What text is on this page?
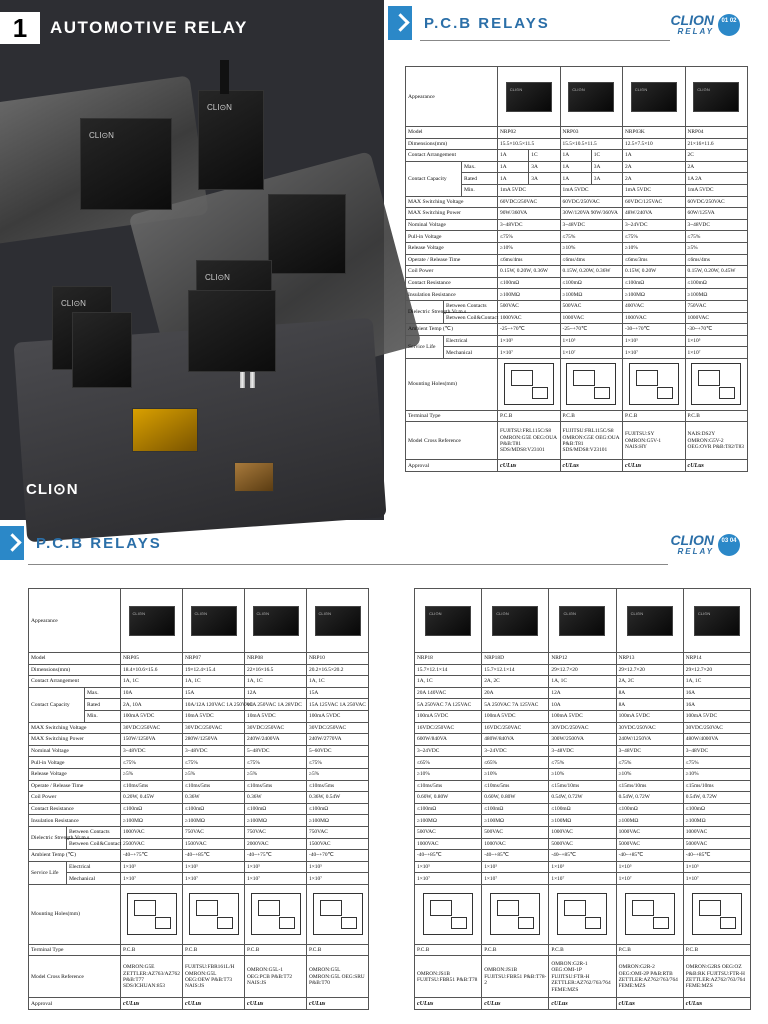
CLI⊙N
CLI⊙N
CLI⊙N
CLI⊙N
1	AUTOMOTIVE RELAY
CLI⊙N
P.C.B RELAYS	CLION
RELAY
01 02
P.C.B RELAYS	CLION
RELAY
03 04
Appearance			CLI⊙N		CLI⊙N		CLI⊙N	CLI⊙N

Model			NRP02		NRP03		NRP03K	NRP04
Dimensions(mm)			15.5×10.5×11.5		15.5×10.5×11.5		12.5×7.5×10	21×16×11.6
Contact Arrangement			1A	1C	1A	1C	1A	2C
Contact Capacity		Max.	1A	3A	1A	3A	2A	2A
		Rated	1A	3A	1A	3A	2A	1A 2A
		Min.	1mA 5VDC		1mA 5VDC		1mA 5VDC	1mA 5VDC
MAX Switching Voltage			60VDC/250VAC		60VDC/250VAC		60VDC/125VAC	60VDC/250VAC
MAX Switching Power			90W/360VA		30W/120VA 90W/360VA		48W/240VA	60W/125VA
Nominal Voltage			3~48VDC		3~48VDC		3~24VDC	3~48VDC
Pull-in Voltage			≤75%		≤75%		≤75%	≤75%
Release Voltage			≥10%		≥10%		≥10%	≥5%
Operate / Release Time			≤6ms/4ms		≤6ms/4ms		≤6ms/3ms	≤6ms/4ms
Coil Power			0.15W, 0.20W, 0.36W		0.15W, 0.20W, 0.36W		0.15W, 0.20W	0.15W, 0.20W, 0.45W
Contact Resistance			≤100mΩ		≤100mΩ		≤100mΩ	≤100mΩ
Insulation Resistance			≥100MΩ		≥100MΩ		≥100MΩ	≥100MΩ
Dielectric Strength Vr.m.s	Between Contacts		500VAC		500VAC		400VAC	750VAC
	Between Coil&Contact		1000VAC		1000VAC		1000VAC	1000VAC
Ambient Temp (℃)			-25~+70℃		-25~+70℃		-30~+70℃	-30~+70℃
Service Life	Electrical		1×10⁵		1×10⁵		1×10⁵	1×10⁵
	Mechanical		1×10⁷		1×10⁷		1×10⁷	1×10⁷
Mounting Holes(mm)					

Terminal Type			P.C.B		P.C.B		P.C.B	P.C.B
Model Cross Reference			FUJITSU:FRL115C/S8 OMRON:G5E OEG:OUA P&B:T81 SDS/MDS8:V23101		FUJITSU:FRL115C/S8 OMRON:G5E OEG:OUA P&B:T81 SDS/MDS8:V23101		FUJITSU:SY OMRON:G5V-1 NAIS:HY	NAIS:DS2Y OMRON:G5V-2 OEG:OVR P&B:T82/T83
Approval			cULus		cULus		cULus	cULus
Appearance			CLI⊙N	CLI⊙N	CLI⊙N	CLI⊙N

Model			NRP05	NRP07	NRP08	NRP10
Dimensions(mm)			18.4×10.6×15.6	19×12.4×15.4	22×16×16.5	20.2×16.5×20.2
Contact Arrangement			1A, 1C	1A, 1C	1A, 1C	1A, 1C
Contact Capacity		Max.	10A	15A	12A	15A
		Rated	2A, 10A	10A/12A 120VAC 1A 250VAC	10A 250VAC 1A 28VDC	15A 125VAC 1A 250VAC
		Min.	100mA 5VDC	10mA 5VDC	10mA 5VDC	100mA 5VDC
MAX Switching Voltage			30VDC/250VAC	30VDC/250VAC	30VDC/250VAC	30VDC/250VAC
MAX Switching Power			150W/1250VA	280W/1250VA	240W/2400VA	240W/2770VA
Nominal Voltage			3~48VDC	3~48VDC	5~48VDC	5~60VDC
Pull-in Voltage			≤75%	≤75%	≤75%	≤75%
Release Voltage			≥5%	≥5%	≥5%	≥5%
Operate / Release Time			≤10ms/5ms	≤10ms/5ms	≤10ms/5ms	≤10ms/5ms
Coil Power			0.20W, 0.45W	0.36W	0.36W	0.36W, 0.54W
Contact Resistance			≤100mΩ	≤100mΩ	≤100mΩ	≤100mΩ
Insulation Resistance			≥100MΩ	≥100MΩ	≥100MΩ	≥100MΩ
Dielectric Strength Vr.m.s	Between Contacts		1000VAC	750VAC	750VAC	750VAC
	Between Coil&Contact		2500VAC	1500VAC	2000VAC	1500VAC
Ambient Temp (℃)			-40~+75℃	-40~+85℃	-40~+75℃	-40~+70℃
Service Life	Electrical		1×10⁵	1×10⁵	1×10⁵	1×10⁵
	Mechanical		1×10⁷	1×10⁷	1×10⁷	1×10⁷
Mounting Holes(mm)			

Terminal Type			P.C.B	P.C.B	P.C.B	P.C.B
Model Cross Reference			OMRON:G5E ZETTLER:AZ763/AZ762 P&B:T77 SDS/ICHUAN:853	FUJITSU:FBR161L/H OMRON:G5L OEG:OEW P&B:T73 NAIS:JS	OMRON:G5L-1 OEG:PCB P&B:T72 NAIS:JS	OMRON:G5L OMRON:G5L OEG:SRU P&B:T70
Approval			cULus	cULus	cULus	cULus
CLI⊙N	CLI⊙N	CLI⊙N	CLI⊙N	CLI⊙N

NRP18	NRP18D	NRP12	NRP13	NRP14
15.7×12.1×14	15.7×12.1×14	29×12.7×20	29×12.7×20	29×12.7×20
1A, 1C	2A, 2C	1A, 1C	2A, 2C	1A, 1C
20A 140VAC	20A	12A	8A	16A
5A 250VAC 7A 125VAC	5A 250VAC 7A 125VAC	10A	8A	16A
100mA 5VDC	100mA 5VDC	100mA 5VDC	100mA 5VDC	100mA 5VDC
16VDC/250VAC	16VDC/250VAC	30VDC/250VAC	30VDC/250VAC	30VDC/250VAC
600W/840VA	480W/840VA	300W/2500VA	240W/1250VA	480W/4000VA
3~24VDC	3~24VDC	3~48VDC	3~48VDC	3~48VDC
≤65%	≤65%	≤75%	≤75%	≤75%
≥10%	≥10%	≥10%	≥10%	≥10%
≤10ms/5ms	≤10ms/5ms	≤15ms/10ms	≤15ms/10ms	≤15ms/10ms
0.60W, 0.80W	0.60W, 0.80W	0.54W, 0.72W	0.54W, 0.72W	0.54W, 0.72W
≤100mΩ	≤100mΩ	≤100mΩ	≤100mΩ	≤100mΩ
≥100MΩ	≥100MΩ	≥100MΩ	≥100MΩ	≥100MΩ
500VAC	500VAC	1000VAC	1000VAC	1000VAC
1000VAC	1000VAC	5000VAC	5000VAC	5000VAC
-40~+85℃	-40~+85℃	-40~+85℃	-40~+85℃	-40~+85℃
1×10⁵	1×10⁵	1×10⁵	1×10⁵	1×10⁵
1×10⁷	1×10⁷	1×10⁷	1×10⁷	1×10⁷

P.C.B	P.C.B	P.C.B	P.C.B	P.C.B
OMRON:JS1B FUJITSU:FBR51 P&B:T78	OMRON:JS1B FUJITSU:FBR51 P&B:T78-2	OMRON:G2R-1 OEG:OMI-1P FUJITSU:FTR-H ZETTLER:AZ762/763/764 FEME:MZS	OMRON:G2R-2 OEG:OMI-2P P&B:RTB ZETTLER:AZ762/763/764 FEME:MZS	OMRON:G2RS OEG:OZ P&B:RK FUJITSU:FTR-H ZETTLER:AZ762/763/764 FEME:MZS
cULus	cULus	cULus	cULus	cULus
